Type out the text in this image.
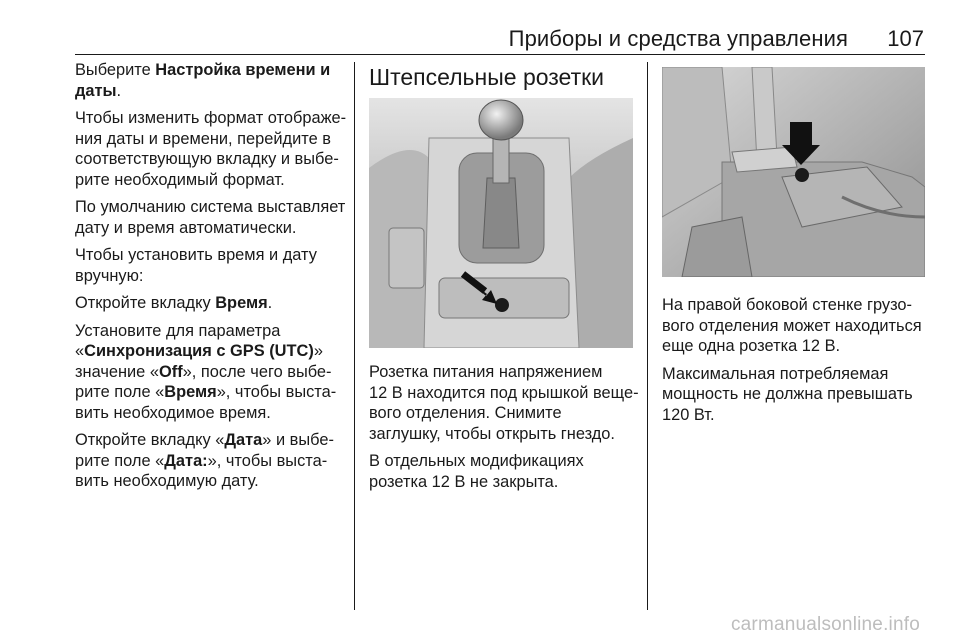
Приборы и средства управления 107

Выберите Настройка времени и
даты.

Чтобы изменить формат отображе-
ния даты и времени, перейдите в
соответствующую вкладку и выбе-
рите необходимый формат.

По умолчанию система выставляет
дату и время автоматически.

Чтобы установить время и дату
вручную:

Откройте вкладку Время.

Установите для параметра
«Синхронизация с GPS (UTC)»
значение «Off», после чего выбе-
рите поле «Время», чтобы выста-
вить необходимое время.

Откройте вкладку «Дата» и выбе-
рите поле «Дата:», чтобы выста-
вить необходимую дату.

Штепсельные розетки

Розетка питания напряжением
12 В находится под крышкой веще-
вого отделения. Снимите
заглушку, чтобы открыть гнездо.

В отдельных модификациях
розетка 12 В не закрыта.

На правой боковой стенке грузо-
вого отделения может находиться
еще одна розетка 12 В.

Максимальная потребляемая
мощность не должна превышать
120 Вт.

carmanualsonline.info
